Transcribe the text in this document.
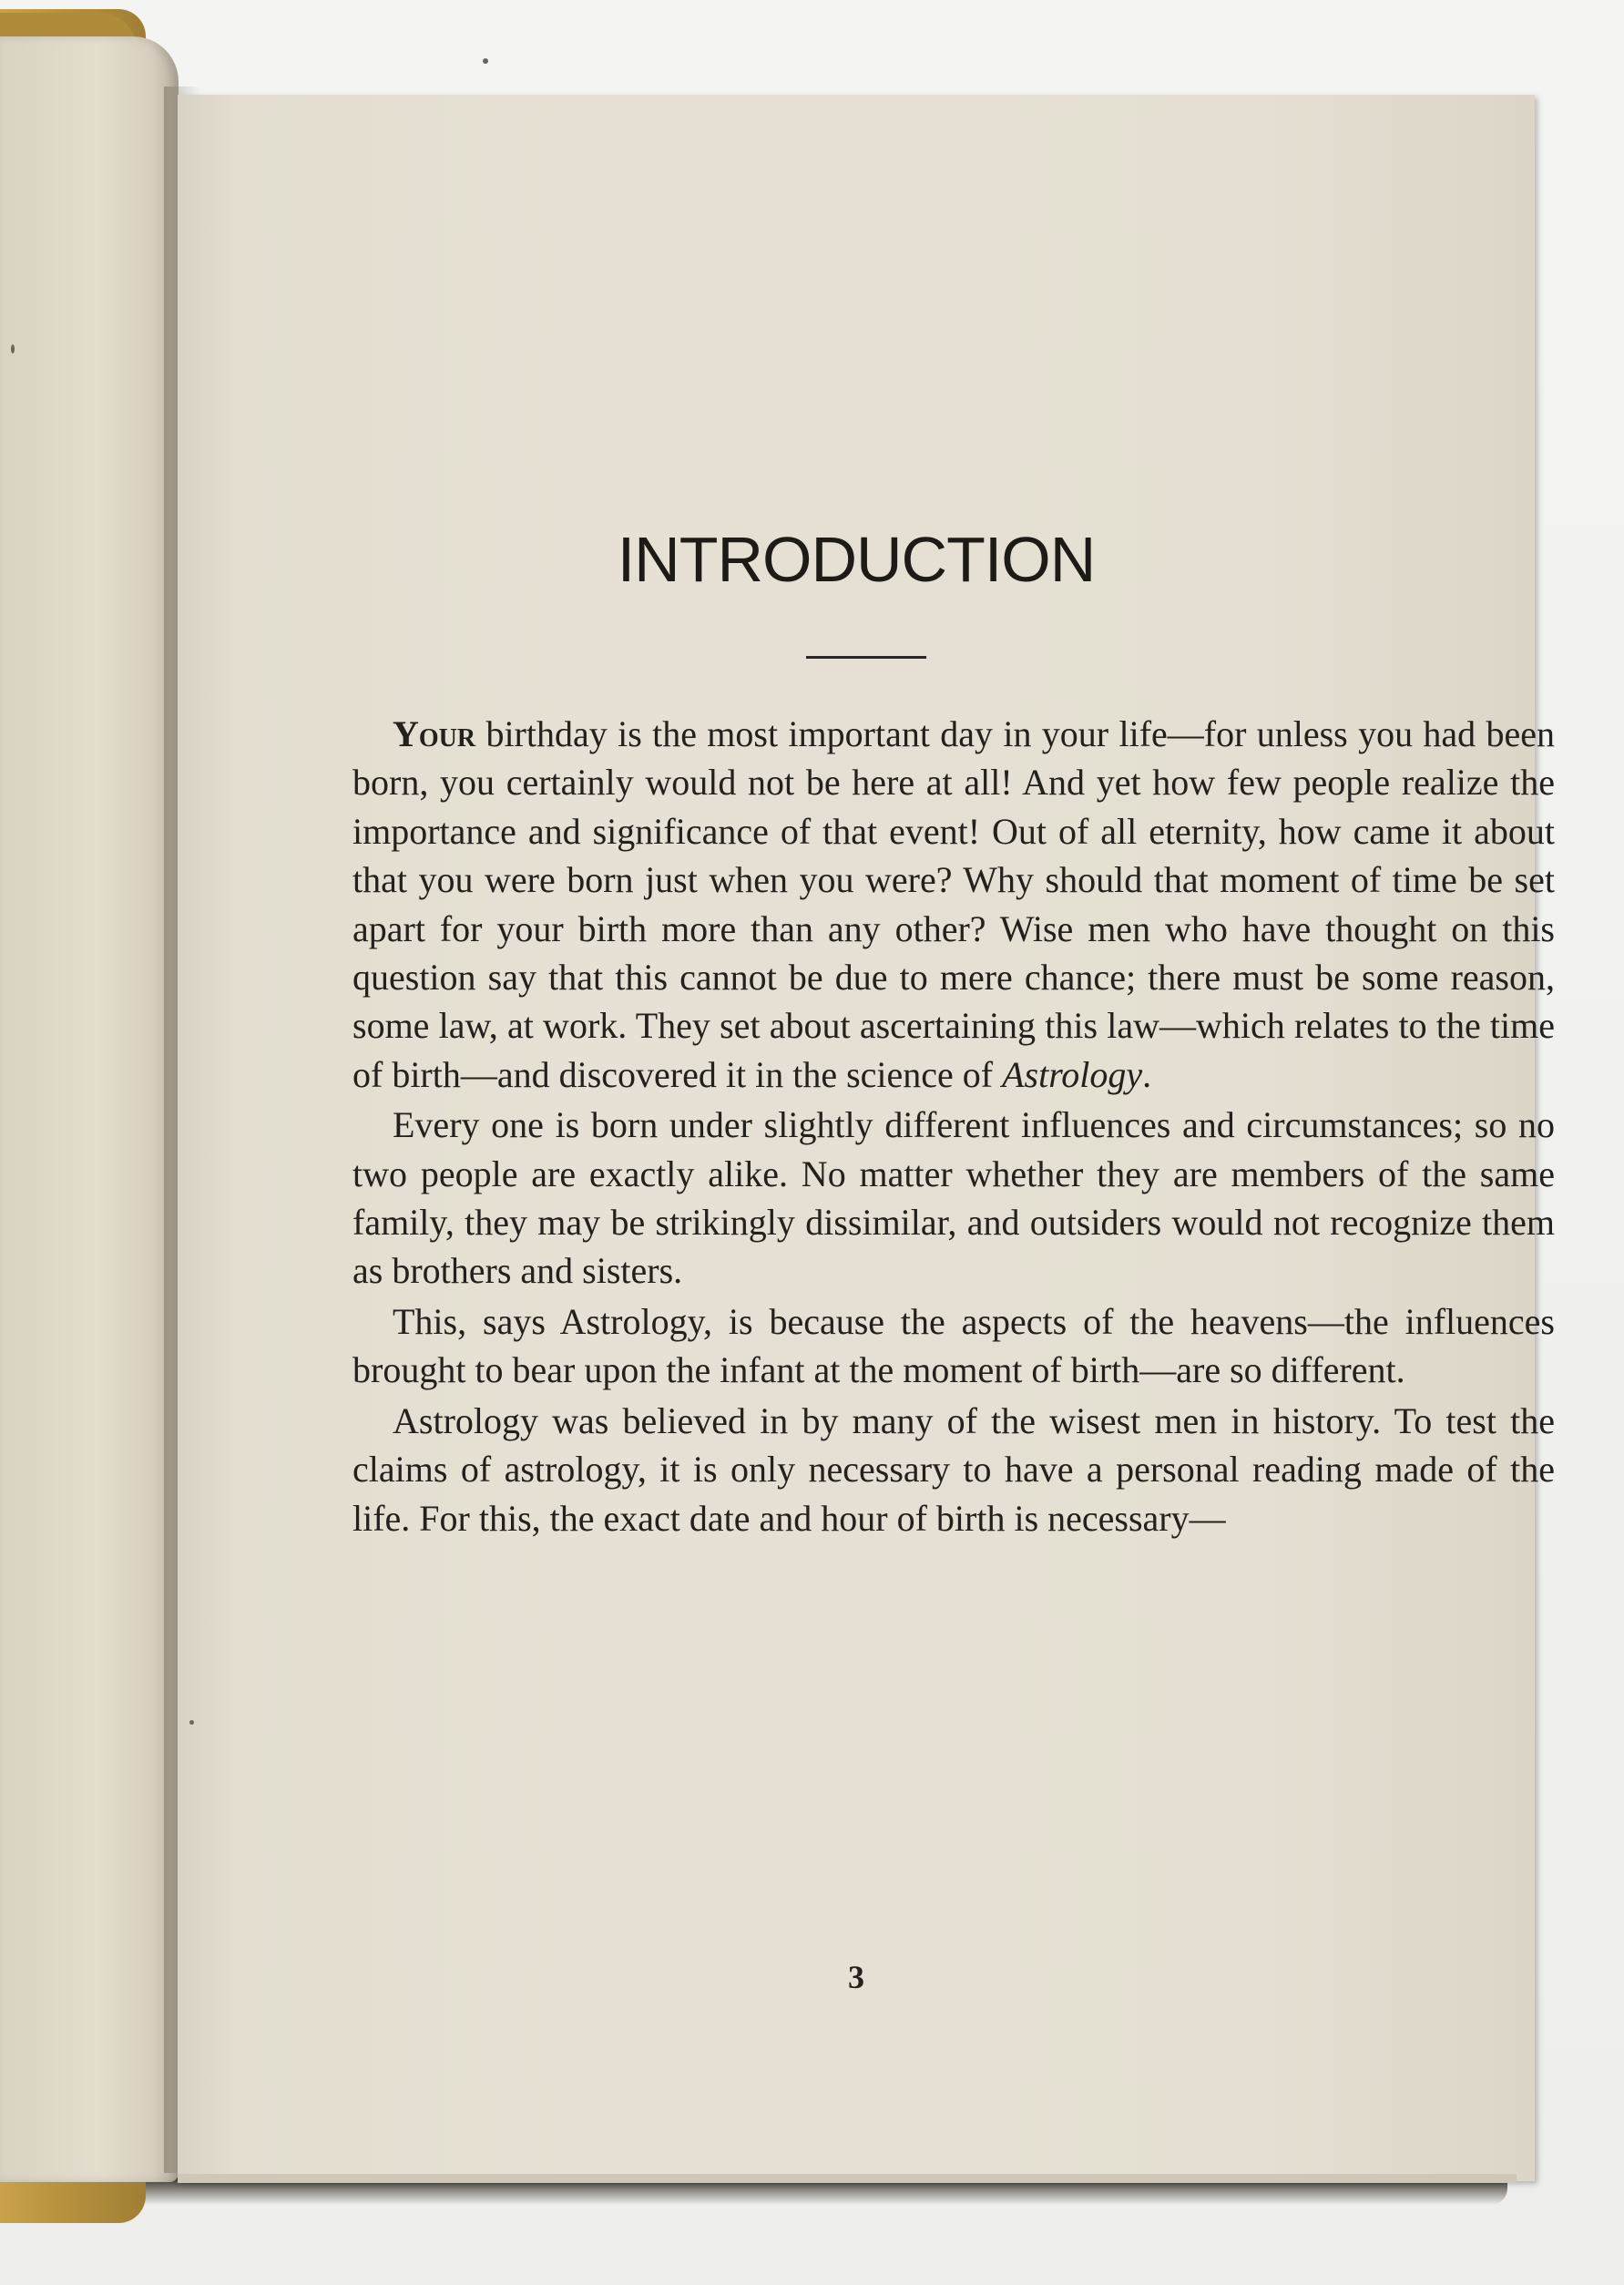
INTRODUCTION

Your birthday is the most important day in your life—for unless you had been born, you certainly would not be here at all! And yet how few people realize the importance and significance of that event! Out of all eternity, how came it about that you were born just when you were? Why should that moment of time be set apart for your birth more than any other? Wise men who have thought on this question say that this cannot be due to mere chance; there must be some reason, some law, at work. They set about ascertaining this law—which relates to the time of birth—and discovered it in the science of Astrology.

Every one is born under slightly different influences and circumstances; so no two people are exactly alike. No matter whether they are members of the same family, they may be strikingly dissimilar, and outsiders would not recognize them as brothers and sisters.

This, says Astrology, is because the aspects of the heavens—the influences brought to bear upon the infant at the moment of birth—are so different.

Astrology was believed in by many of the wisest men in history. To test the claims of astrology, it is only necessary to have a personal reading made of the life. For this, the exact date and hour of birth is necessary—

3
